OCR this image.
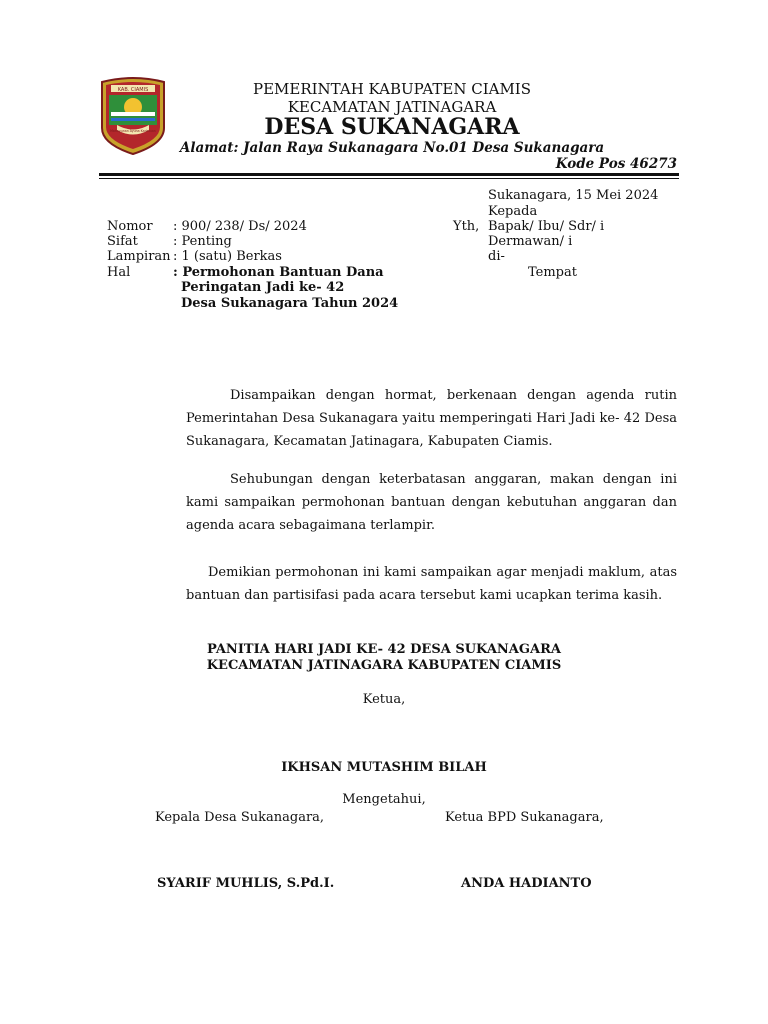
KAB. CIAMIS
Mahayunan Ayuna Kadatuan
PEMERINTAH KABUPATEN CIAMIS
KECAMATAN JATINAGARA
DESA SUKANAGARA
Alamat: Jalan Raya Sukanagara No.01 Desa Sukanagara
Kode Pos 46273
Sukanagara, 15 Mei 2024
Kepada
Yth, Bapak/ Ibu/ Sdr/ i
Dermawan/ i
di-
Tempat
Nomor : 900/ 238/ Ds/ 2024
Sifat	: Penting
Lampiran : 1 (satu) Berkas
Hal	: Permohonan Bantuan Dana
Peringatan Jadi ke- 42
Desa Sukanagara Tahun 2024
Disampaikan dengan hormat, berkenaan dengan agenda rutin Pemerintahan Desa Sukanagara yaitu memperingati Hari Jadi ke- 42 Desa Sukanagara, Kecamatan Jatinagara, Kabupaten Ciamis.
Sehubungan dengan keterbatasan anggaran, makan dengan ini kami sampaikan permohonan bantuan dengan kebutuhan anggaran dan agenda acara sebagaimana terlampir.
Demikian permohonan ini kami sampaikan agar menjadi maklum, atas bantuan dan partisifasi pada acara tersebut kami ucapkan terima kasih.
PANITIA HARI JADI KE- 42 DESA SUKANAGARA
KECAMATAN JATINAGARA KABUPATEN CIAMIS
Ketua,
IKHSAN MUTASHIM BILAH
Mengetahui,
Kepala Desa Sukanagara,	Ketua BPD Sukanagara,
SYARIF MUHLIS, S.Pd.I.	ANDA HADIANTO
